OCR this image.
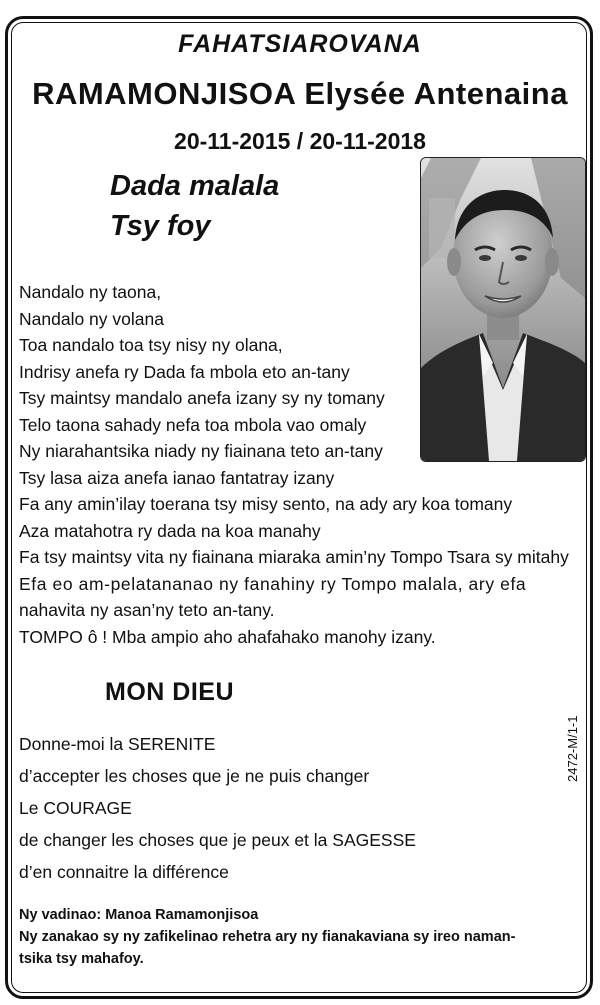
FAHATSIAROVANA
RAMAMONJISOA Elysée Antenaina
20-11-2015 / 20-11-2018
Dada malala
Tsy foy
Nandalo ny taona,
Nandalo ny volana
Toa nandalo toa tsy nisy ny olana,
Indrisy anefa ry Dada fa mbola eto an-tany
Tsy maintsy mandalo anefa izany sy ny tomany
Telo taona sahady nefa toa mbola vao omaly
Ny niarahantsika niady ny fiainana teto an-tany
Tsy lasa aiza anefa ianao fantatray izany
Fa any amin’ilay toerana tsy misy sento, na ady ary koa tomany
Aza matahotra ry dada na koa manahy
Fa tsy maintsy vita ny fiainana miaraka amin’ny Tompo Tsara sy mitahy
Efa eo am-pelatananao ny fanahiny ry Tompo malala, ary efa
nahavita ny asan’ny teto an-tany.
TOMPO ô ! Mba ampio aho ahafahako manohy izany.
MON DIEU
Donne-moi la SERENITE
d’accepter les choses que je ne puis changer
Le COURAGE
de changer les choses que je peux et la SAGESSE
d’en connaitre la différence
2472-M/1-1
Ny vadinao: Manoa Ramamonjisoa
Ny zanakao sy ny zafikelinao rehetra ary ny fianakaviana sy ireo naman-
tsika tsy mahafoy.
